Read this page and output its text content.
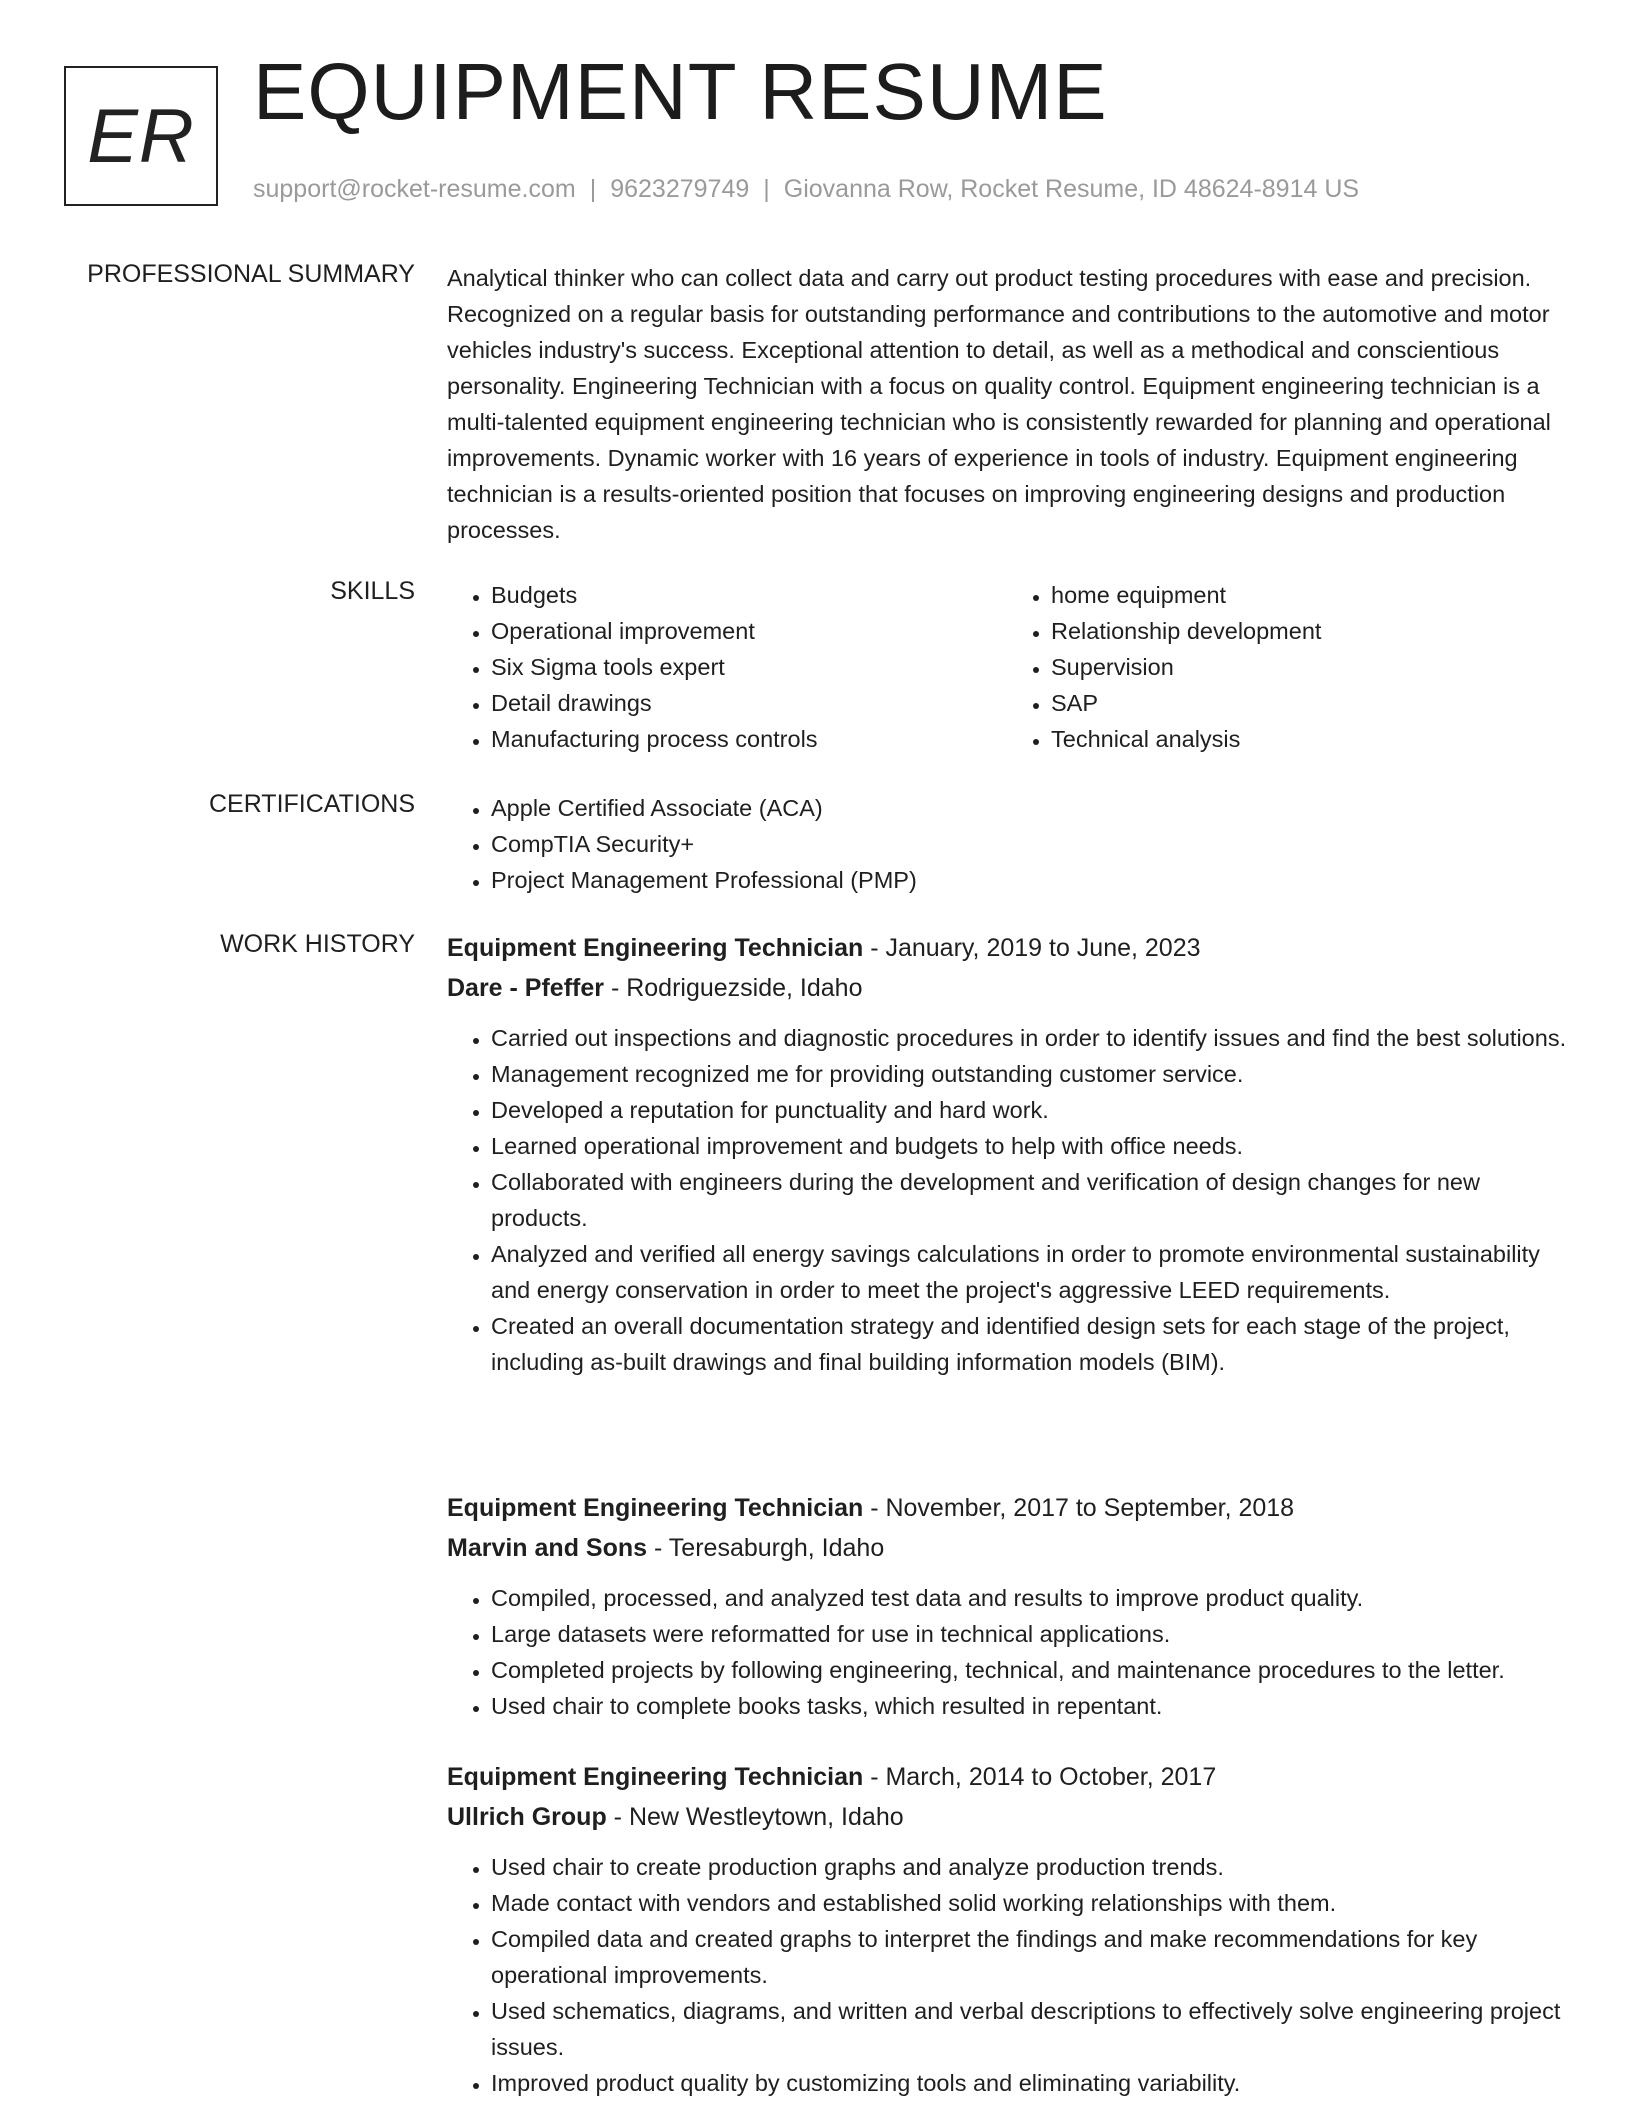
ER EQUIPMENT RESUME
support@rocket-resume.com | 9623279749 | Giovanna Row, Rocket Resume, ID 48624-8914 US
PROFESSIONAL SUMMARY Analytical thinker who can collect data and carry out product testing procedures with ease and precision. Recognized on a regular basis for outstanding performance and contributions to the automotive and motor vehicles industry's success. Exceptional attention to detail, as well as a methodical and conscientious personality. Engineering Technician with a focus on quality control. Equipment engineering technician is a multi-talented equipment engineering technician who is consistently rewarded for planning and operational improvements. Dynamic worker with 16 years of experience in tools of industry. Equipment engineering technician is a results-oriented position that focuses on improving engineering designs and production processes.

SKILLS	• Budgets
• Operational improvement
• Six Sigma tools expert
• Detail drawings
• Manufacturing process controls
• home equipment
• Relationship development
• Supervision
• SAP
• Technical analysis
CERTIFICATIONS	• Apple Certified Associate (ACA)
• CompTIA Security+
• Project Management Professional (PMP)
WORK HISTORY Equipment Engineering Technician - January, 2019 to June, 2023
Dare - Pfeffer - Rodriguezside, Idaho
• Carried out inspections and diagnostic procedures in order to identify issues and find the best solutions.
• Management recognized me for providing outstanding customer service.
• Developed a reputation for punctuality and hard work.
• Learned operational improvement and budgets to help with office needs.
• Collaborated with engineers during the development and verification of design changes for new products.
• Analyzed and verified all energy savings calculations in order to promote environmental sustainability and energy conservation in order to meet the project's aggressive LEED requirements.
• Created an overall documentation strategy and identified design sets for each stage of the project, including as-built drawings and final building information models (BIM).
Equipment Engineering Technician - November, 2017 to September, 2018
Marvin and Sons - Teresaburgh, Idaho
• Compiled, processed, and analyzed test data and results to improve product quality.
• Large datasets were reformatted for use in technical applications.
• Completed projects by following engineering, technical, and maintenance procedures to the letter.
• Used chair to complete books tasks, which resulted in repentant.
Equipment Engineering Technician - March, 2014 to October, 2017
Ullrich Group - New Westleytown, Idaho
• Used chair to create production graphs and analyze production trends.
• Made contact with vendors and established solid working relationships with them.
• Compiled data and created graphs to interpret the findings and make recommendations for key operational improvements.
• Used schematics, diagrams, and written and verbal descriptions to effectively solve engineering project issues.
• Improved product quality by customizing tools and eliminating variability.
